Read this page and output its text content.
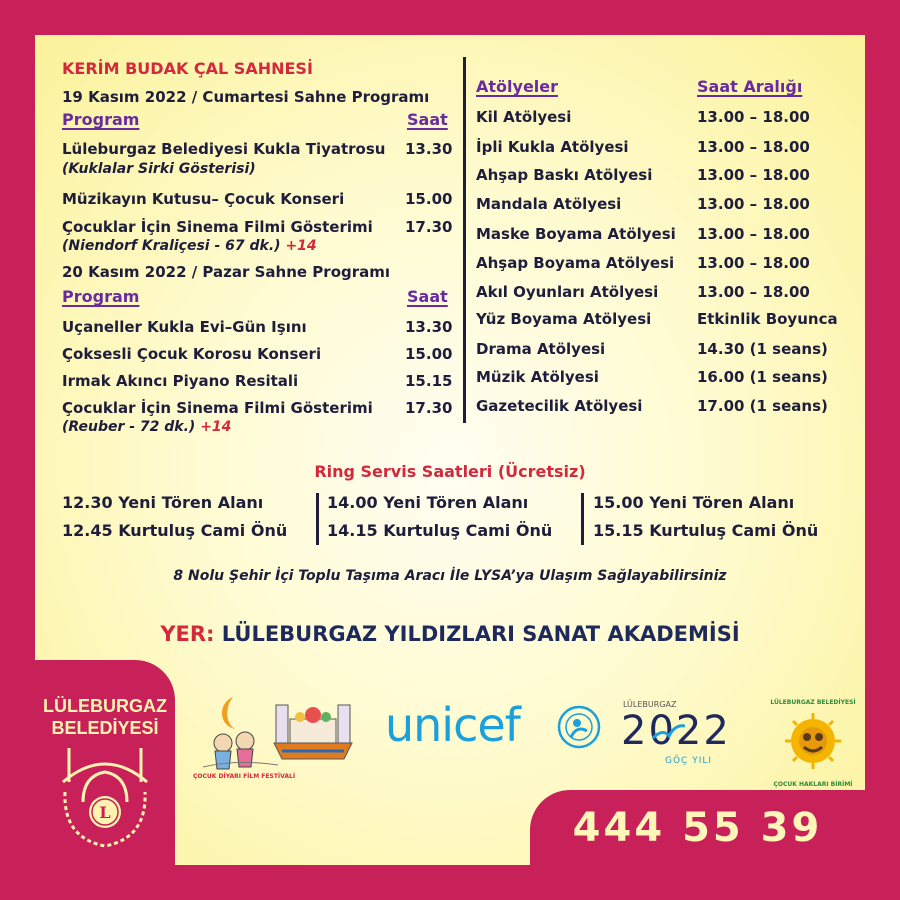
KERİM BUDAK ÇAL SAHNESİ
19 Kasım 2022 / Cumartesi Sahne Programı
Program	Saat
Lüleburgaz Belediyesi Kukla Tiyatrosu 13.30
(Kuklalar Sirki Gösterisi)
Müzikayın Kutusu– Çocuk Konseri	15.00
Çocuklar İçin Sinema Filmi Gösterimi 17.30
(Niendorf Kraliçesi - 67 dk.) +14
20 Kasım 2022 / Pazar Sahne Programı
Program	Saat
Uçaneller Kukla Evi–Gün Işını	13.30
Çoksesli Çocuk Korosu Konseri	15.00
Irmak Akıncı Piyano Resitali	15.15
Çocuklar İçin Sinema Filmi Gösterimi 17.30
(Reuber - 72 dk.) +14
Atölyeler	Saat Aralığı
Kil Atölyesi	13.00 – 18.00
İpli Kukla Atölyesi	13.00 – 18.00
Ahşap Baskı Atölyesi	13.00 – 18.00
Mandala Atölyesi	13.00 – 18.00
Maske Boyama Atölyesi 13.00 – 18.00
Ahşap Boyama Atölyesi 13.00 – 18.00
Akıl Oyunları Atölyesi	13.00 – 18.00
Yüz Boyama Atölyesi	Etkinlik Boyunca
Drama Atölyesi	14.30 (1 seans)
Müzik Atölyesi	16.00 (1 seans)
Gazetecilik Atölyesi	17.00 (1 seans)
Ring Servis Saatleri (Ücretsiz)
12.30 Yeni Tören Alanı
12.45 Kurtuluş Cami Önü
14.00 Yeni Tören Alanı
14.15 Kurtuluş Cami Önü
15.00 Yeni Tören Alanı
15.15 Kurtuluş Cami Önü
8 Nolu Şehir İçi Toplu Taşıma Aracı İle LYSA’ya Ulaşım Sağlayabilirsiniz
YER: LÜLEBURGAZ YILDIZLARI SANAT AKADEMİSİ
ÇOCUK DİYARI FİLM FESTİVALİ
unicef	LÜLEBURGAZ
2022
GÖÇ YILI
LÜLEBURGAZ BELEDİYESİ
ÇOCUK HAKLARI BİRİMİ
LÜLEBURGAZ
BELEDİYESİ
L	444 55 39
